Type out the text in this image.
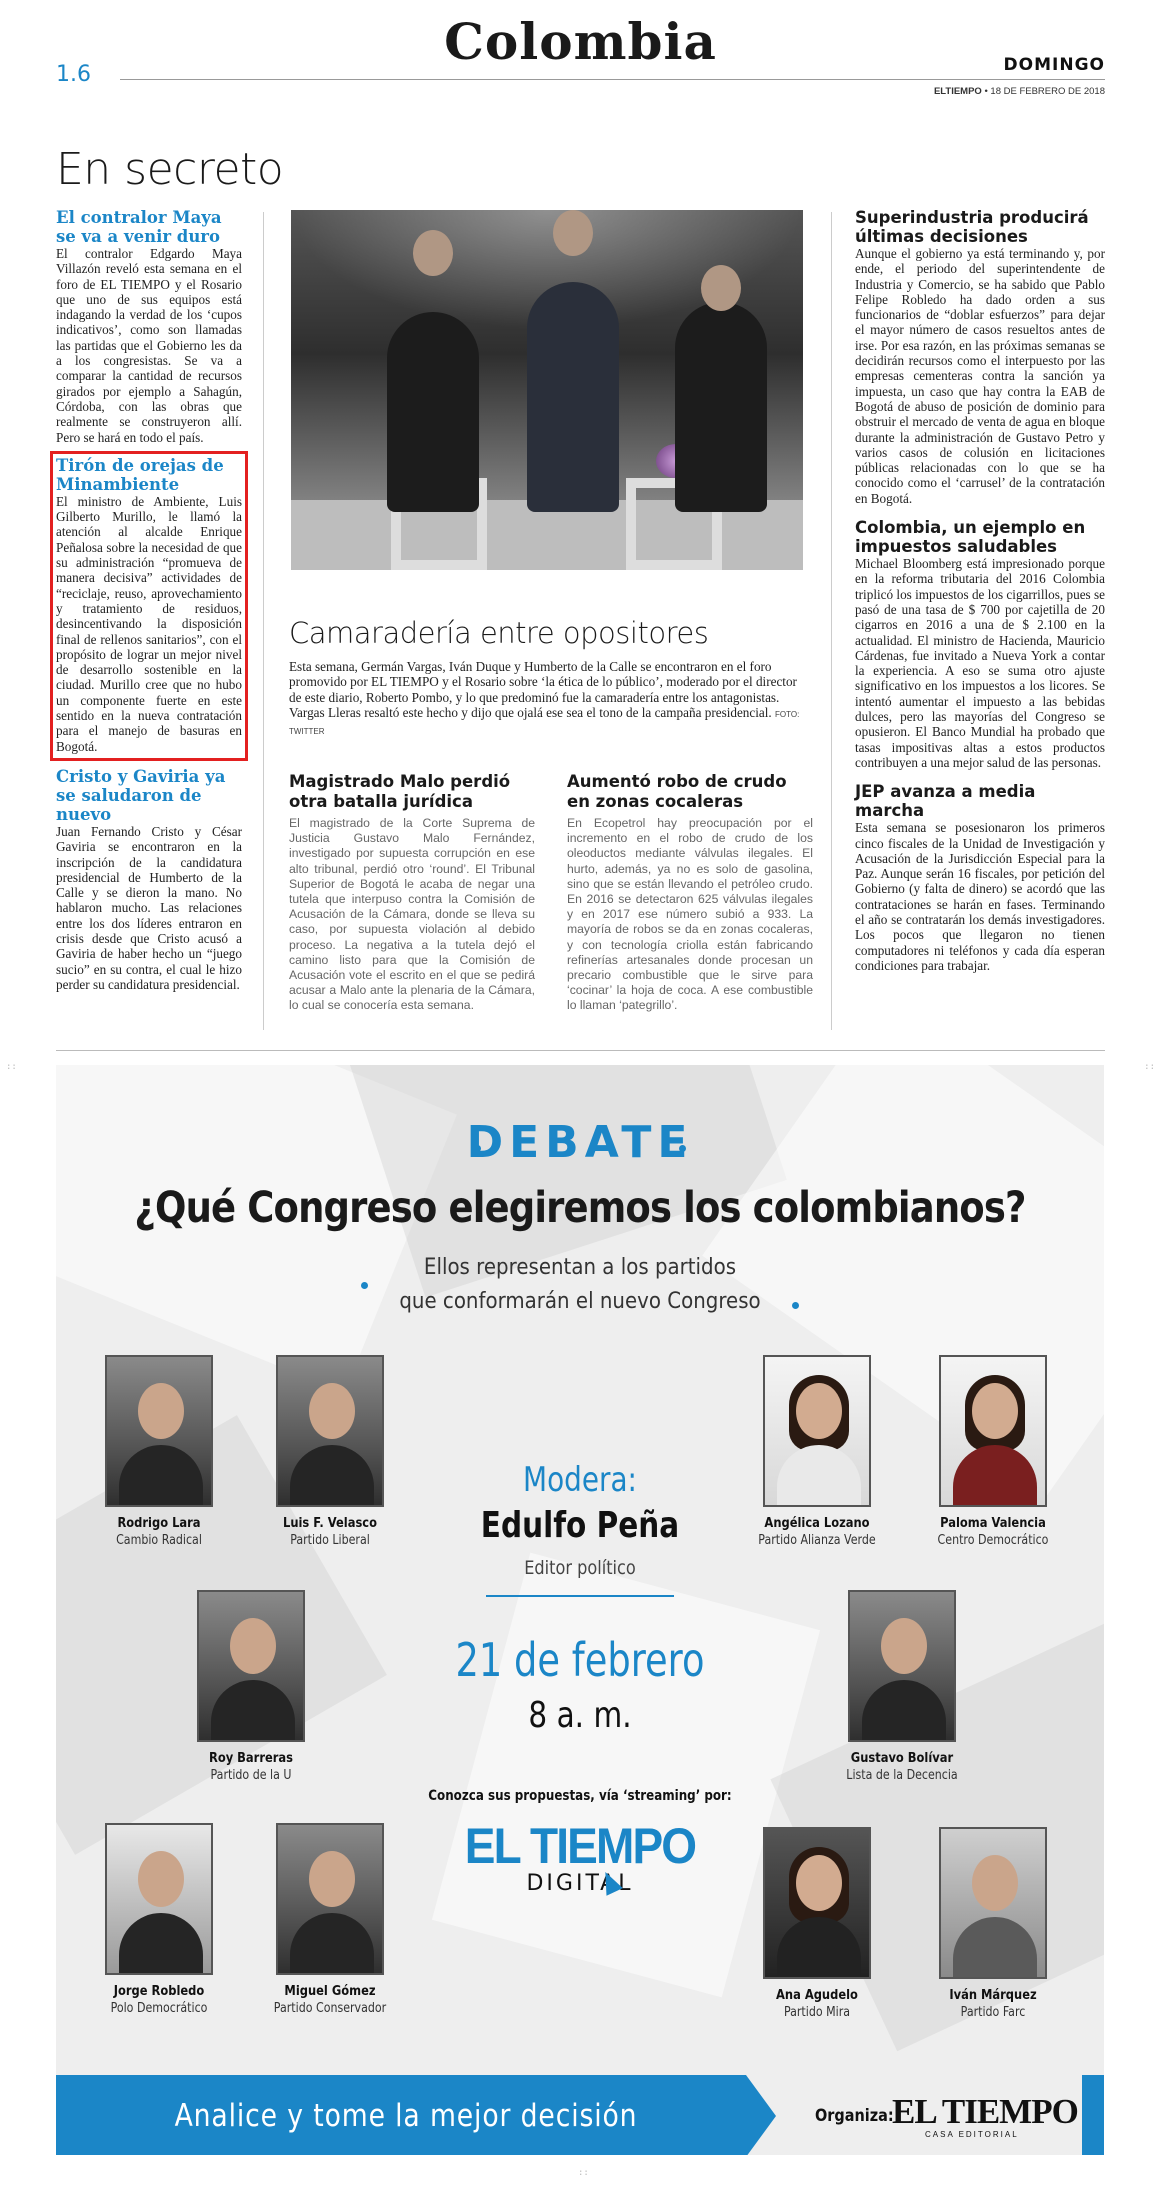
1.6
Colombia	DOMINGO
ELTIEMPO • 18 DE FEBRERO DE 2018
En secreto
El contralor Maya se va a venir duro

El contralor Edgardo Maya Villazón reveló esta semana en el foro de EL TIEMPO y el Rosario que uno de sus equipos está indagando la verdad de los ‘cupos indicativos’, como son llamadas las partidas que el Gobierno les da a los congresistas. Se va a comparar la cantidad de recursos girados por ejemplo a Sahagún, Córdoba, con las obras que realmente se construyeron allí. Pero se hará en todo el país.

Tirón de orejas de Minambiente

El ministro de Ambiente, Luis Gilberto Murillo, le llamó la atención al alcalde Enrique Peñalosa sobre la necesidad de que su administración “promueva de manera decisiva” actividades de “reciclaje, reuso, aprovechamiento y tratamiento de residuos, desincentivando la disposición final de rellenos sanitarios”, con el propósito de lograr un mejor nivel de desarrollo sostenible en la ciudad. Murillo cree que no hubo un componente fuerte en este sentido en la nueva contratación para el manejo de basuras en Bogotá.

Cristo y Gaviria ya se saludaron de nuevo

Juan Fernando Cristo y César Gaviria se encontraron en la inscripción de la candidatura presidencial de Humberto de la Calle y se dieron la mano. No hablaron mucho. Las relaciones entre los dos líderes entraron en crisis desde que Cristo acusó a Gaviria de haber hecho un “juego sucio” en su contra, el cual le hizo perder su candidatura presidencial.

Camaradería entre opositores
Esta semana, Germán Vargas, Iván Duque y Humberto de la Calle se encontraron en el foro promovido por EL TIEMPO y el Rosario sobre ‘la ética de lo público’, moderado por el director de este diario, Roberto Pombo, y lo que predominó fue la camaradería entre los antagonistas. Vargas Lleras resaltó este hecho y dijo que ojalá ese sea el tono de la campaña presidencial. FOTO: TWITTER
Magistrado Malo perdió otra batalla jurídica

El magistrado de la Corte Suprema de Justicia Gustavo Malo Fernández, investigado por supuesta corrupción en ese alto tribunal, perdió otro ‘round’. El Tribunal Superior de Bogotá le acaba de negar una tutela que interpuso contra la Comisión de Acusación de la Cámara, donde se lleva su caso, por supuesta violación al debido proceso. La negativa a la tutela dejó el camino listo para que la Comisión de Acusación vote el escrito en el que se pedirá acusar a Malo ante la plenaria de la Cámara, lo cual se conocería esta semana.

Aumentó robo de crudo en zonas cocaleras

En Ecopetrol hay preocupación por el incremento en el robo de crudo de los oleoductos mediante válvulas ilegales. El hurto, además, ya no es solo de gasolina, sino que se están llevando el petróleo crudo. En 2016 se detectaron 625 válvulas ilegales y en 2017 ese número subió a 933. La mayoría de robos se da en zonas cocaleras, y con tecnología criolla están fabricando refinerías artesanales donde procesan un precario combustible que le sirve para ‘cocinar’ la hoja de coca. A ese combustible lo llaman ‘pategrillo’.

Superindustria producirá últimas decisiones

Aunque el gobierno ya está terminando y, por ende, el periodo del superintendente de Industria y Comercio, se ha sabido que Pablo Felipe Robledo ha dado orden a sus funcionarios de “doblar esfuerzos” para dejar el mayor número de casos resueltos antes de irse. Por esa razón, en las próximas semanas se decidirán recursos como el interpuesto por las empresas cementeras contra la sanción ya impuesta, un caso que hay contra la EAB de Bogotá de abuso de posición de dominio para obstruir el mercado de venta de agua en bloque durante la administración de Gustavo Petro y varios casos de colusión en licitaciones públicas relacionadas con lo que se ha conocido como el ‘carrusel’ de la contratación en Bogotá.

Colombia, un ejemplo en impuestos saludables

Michael Bloomberg está impresionado porque en la reforma tributaria del 2016 Colombia triplicó los impuestos de los cigarrillos, pues se pasó de una tasa de $ 700 por cajetilla de 20 cigarros en 2016 a una de $ 2.100 en la actualidad. El ministro de Hacienda, Mauricio Cárdenas, fue invitado a Nueva York a contar la experiencia. A eso se suma otro ajuste significativo en los impuestos a los licores. Se intentó aumentar el impuesto a las bebidas dulces, pero las mayorías del Congreso se opusieron. El Banco Mundial ha probado que tasas impositivas altas a estos productos contribuyen a una mejor salud de las personas.

JEP avanza a media marcha

Esta semana se posesionaron los primeros cinco fiscales de la Unidad de Investigación y Acusación de la Jurisdicción Especial para la Paz. Aunque serán 16 fiscales, por petición del Gobierno (y falta de dinero) se acordó que las contrataciones se harán en fases. Terminando el año se contratarán los demás investigadores. Los pocos que llegaron no tienen computadores ni teléfonos y cada día esperan condiciones para trabajar.

::	::
::
DEBATE
¿Qué Congreso elegiremos los colombianos?
Ellos representan a los partidos
que conformarán el nuevo Congreso
Rodrigo Lara
Cambio Radical
Luis F. Velasco
Partido Liberal
Angélica Lozano
Partido Alianza Verde
Paloma Valencia
Centro Democrático
Modera:
Edulfo Peña
Editor político
Roy Barreras
Partido de la U
Gustavo Bolívar
Lista de la Decencia
21 de febrero
8 a. m.
Conozca sus propuestas, vía ‘streaming’ por:
EL TIEMPO
DIGITAL
Jorge Robledo
Polo Democrático
Miguel Gómez
Partido Conservador
Ana Agudelo
Partido Mira
Iván Márquez
Partido Farc
Analice y tome la mejor decisión	Organiza:
EL TIEMPO
CASA EDITORIAL
